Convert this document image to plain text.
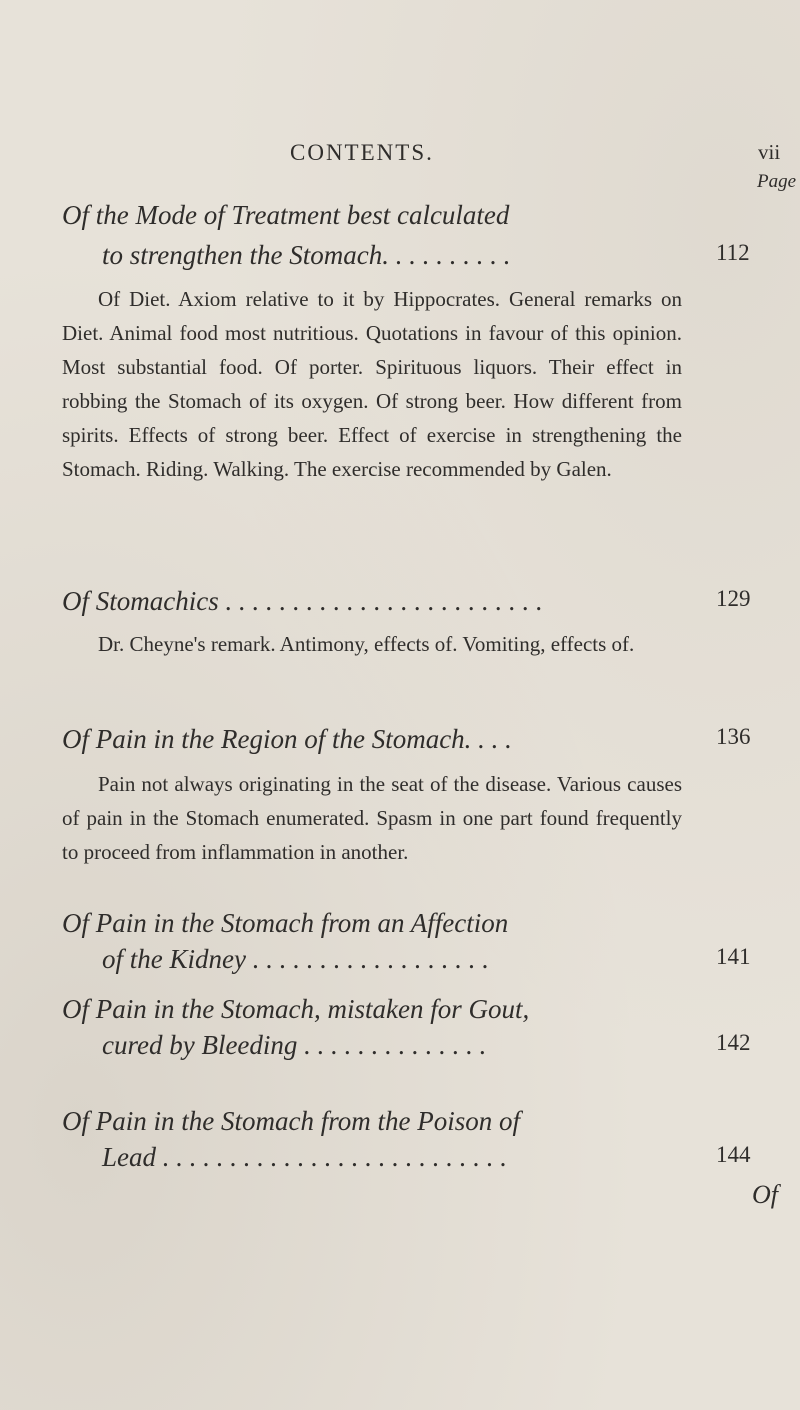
CONTENTS.	vii
Page
Of the Mode of Treatment best calculated
to strengthen the Stomach. . . . . . . . . .	112
Of Diet. Axiom relative to it by Hippocrates. General remarks on Diet. Animal food most nutritious. Quotations in favour of this opinion. Most substantial food. Of porter. Spirituous liquors. Their effect in robbing the Stomach of its oxygen. Of strong beer. How different from spirits. Effects of strong beer. Effect of exercise in strengthening the Stomach. Riding. Walking. The exercise recommended by Galen.
Of Stomachics . . . . . . . . . . . . . . . . . . . . . . . .	129
Dr. Cheyne's remark. Antimony, effects of. Vomiting, effects of.
Of Pain in the Region of the Stomach. . . .	136
Pain not always originating in the seat of the disease. Various causes of pain in the Stomach enumerated. Spasm in one part found frequently to proceed from inflammation in another.
Of Pain in the Stomach from an Affection
of the Kidney . . . . . . . . . . . . . . . . . .	141
Of Pain in the Stomach, mistaken for Gout,
cured by Bleeding . . . . . . . . . . . . . .	142
Of Pain in the Stomach from the Poison of
Lead . . . . . . . . . . . . . . . . . . . . . . . . . .	144
Of
